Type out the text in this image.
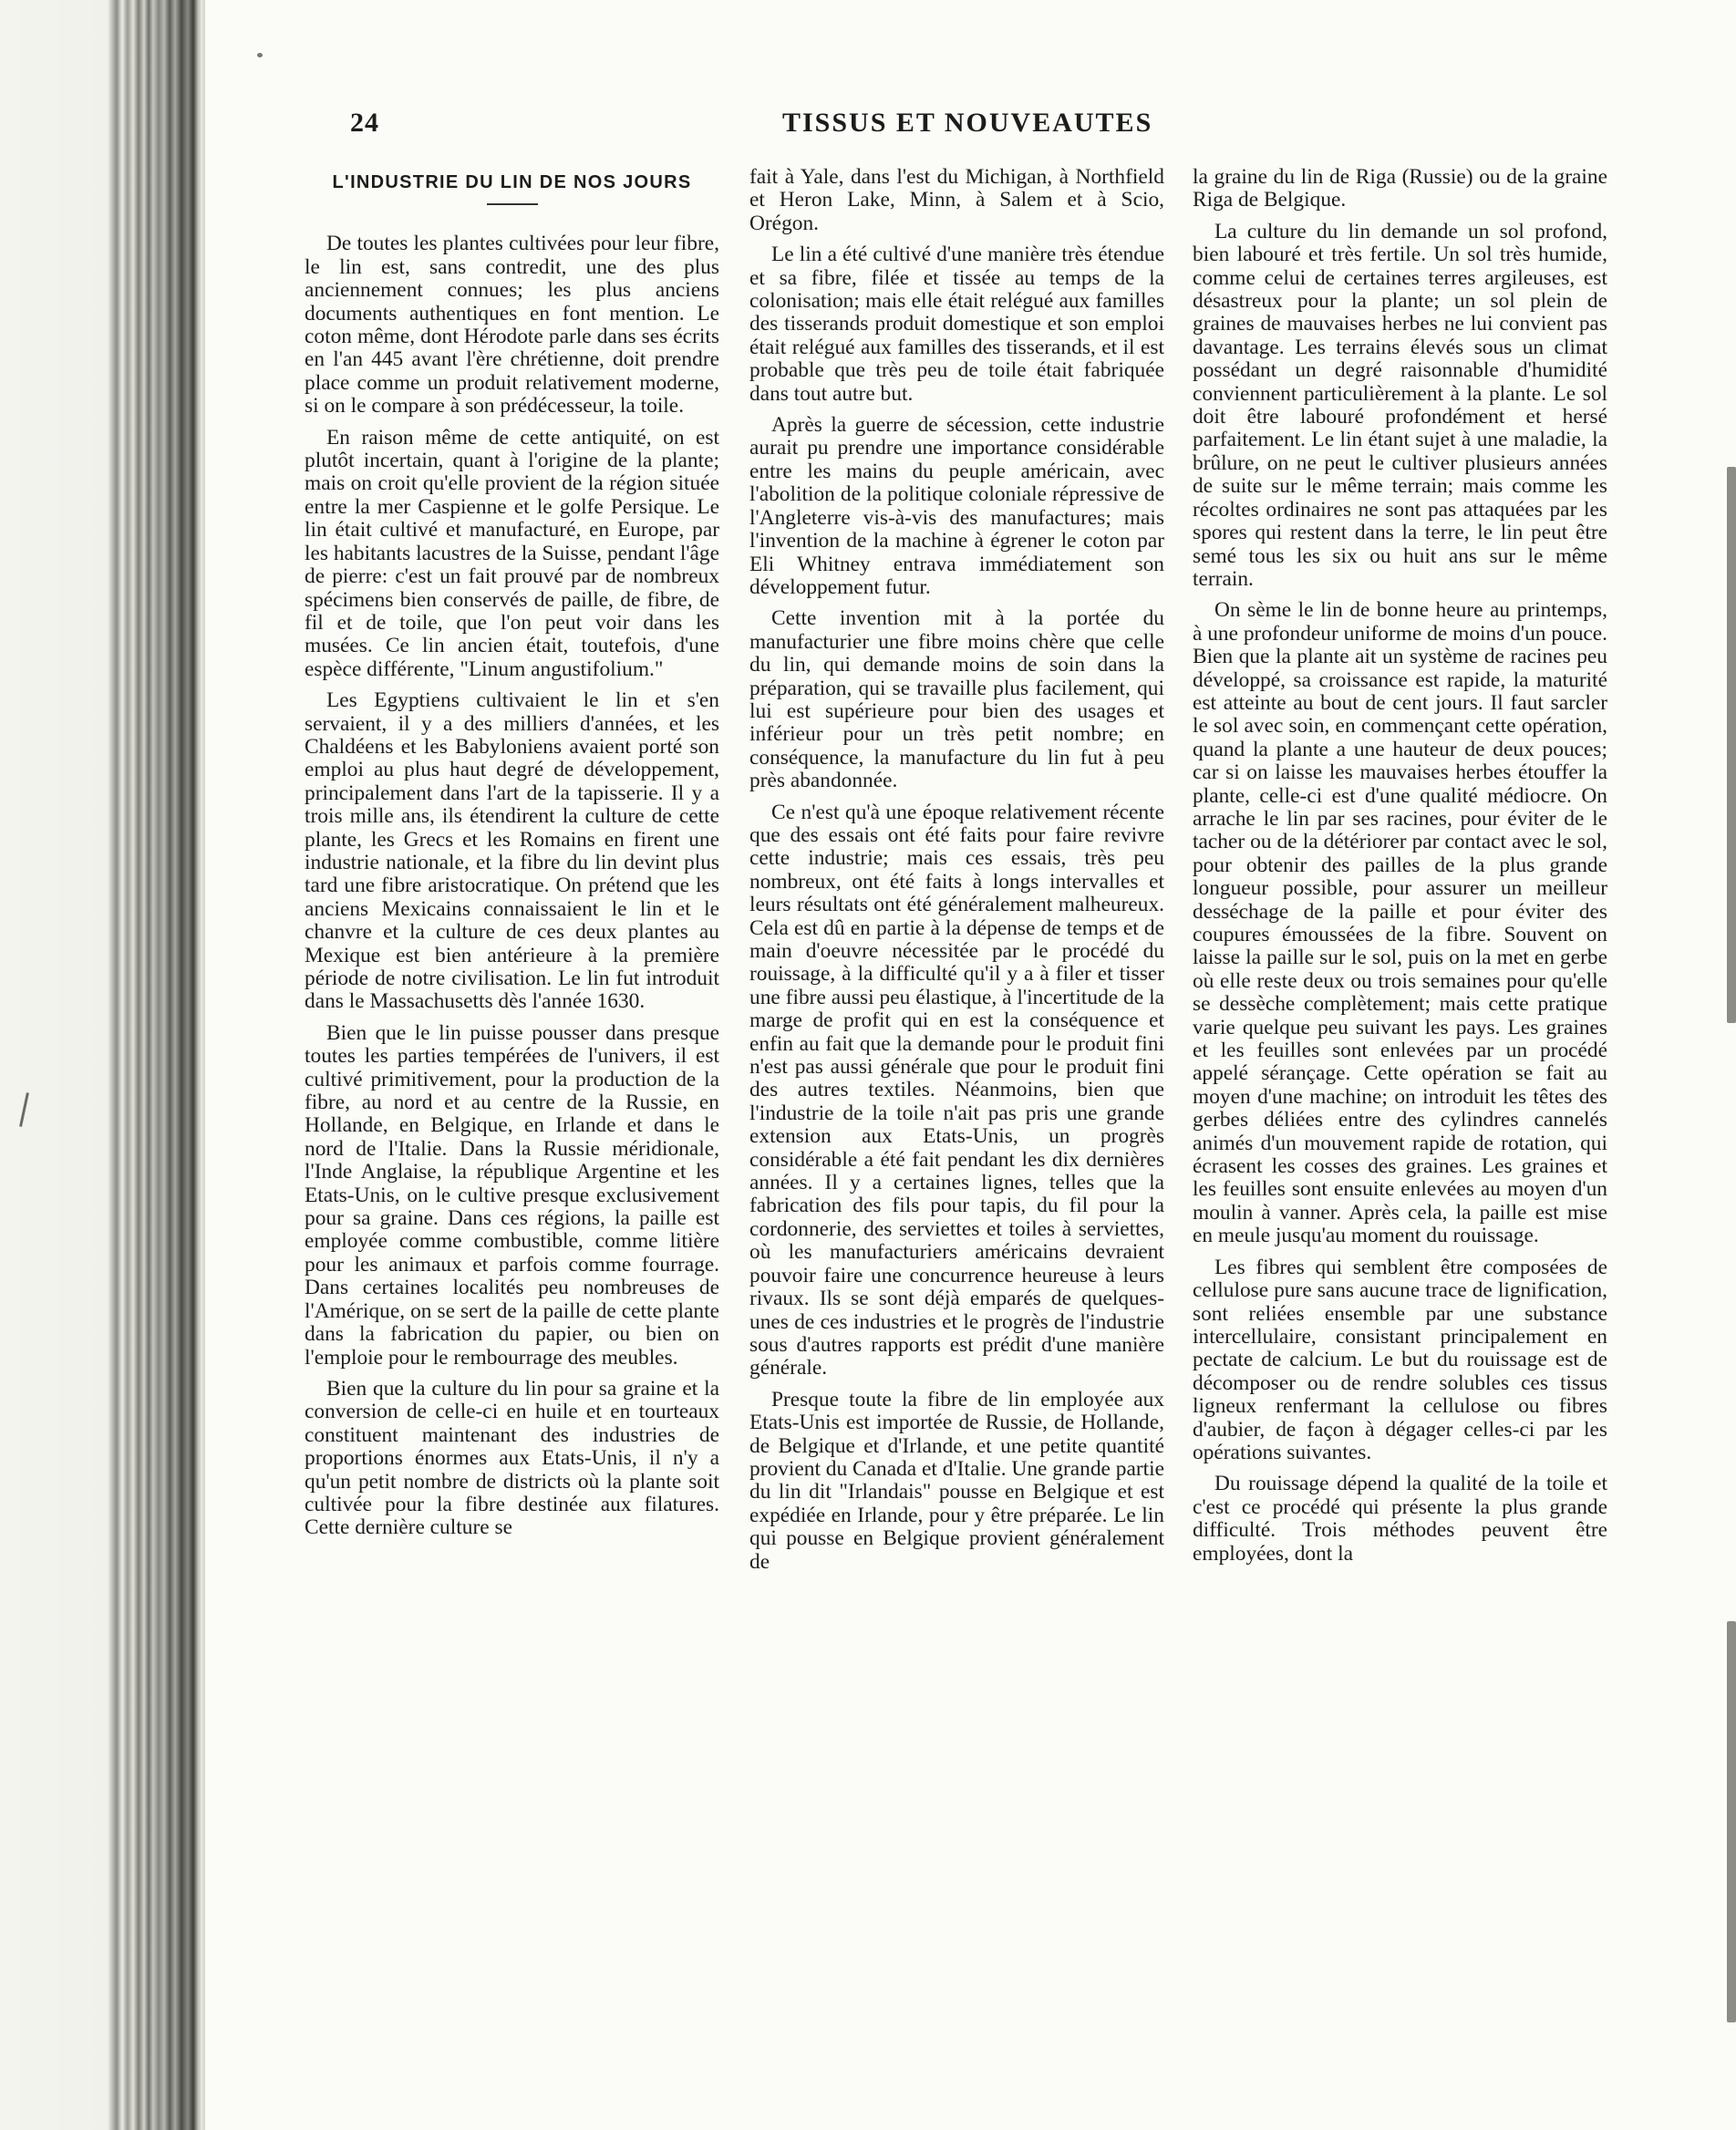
24	TISSUS ET NOUVEAUTES
L'INDUSTRIE DU LIN DE NOS JOURS

De toutes les plantes cultivées pour leur fibre, le lin est, sans contredit, une des plus anciennement connues; les plus anciens documents authentiques en font mention. Le coton même, dont Hérodote parle dans ses écrits en l'an 445 avant l'ère chrétienne, doit prendre place comme un produit relativement moderne, si on le compare à son prédécesseur, la toile.

En raison même de cette antiquité, on est plutôt incertain, quant à l'origine de la plante; mais on croit qu'elle provient de la région située entre la mer Caspienne et le golfe Persique. Le lin était cultivé et manufacturé, en Europe, par les habitants lacustres de la Suisse, pendant l'âge de pierre: c'est un fait prouvé par de nombreux spécimens bien conservés de paille, de fibre, de fil et de toile, que l'on peut voir dans les musées. Ce lin ancien était, toutefois, d'une espèce différente, "Linum angustifolium."

Les Egyptiens cultivaient le lin et s'en servaient, il y a des milliers d'années, et les Chaldéens et les Babyloniens avaient porté son emploi au plus haut degré de développement, principalement dans l'art de la tapisserie. Il y a trois mille ans, ils étendirent la culture de cette plante, les Grecs et les Romains en firent une industrie nationale, et la fibre du lin devint plus tard une fibre aristocratique. On prétend que les anciens Mexicains connaissaient le lin et le chanvre et la culture de ces deux plantes au Mexique est bien antérieure à la première période de notre civilisation. Le lin fut introduit dans le Massachusetts dès l'année 1630.

Bien que le lin puisse pousser dans presque toutes les parties tempérées de l'univers, il est cultivé primitivement, pour la production de la fibre, au nord et au centre de la Russie, en Hollande, en Belgique, en Irlande et dans le nord de l'Italie. Dans la Russie méridionale, l'Inde Anglaise, la république Argentine et les Etats-Unis, on le cultive presque exclusivement pour sa graine. Dans ces régions, la paille est employée comme combustible, comme litière pour les animaux et parfois comme fourrage. Dans certaines localités peu nombreuses de l'Amérique, on se sert de la paille de cette plante dans la fabrication du papier, ou bien on l'emploie pour le rembourrage des meubles.

Bien que la culture du lin pour sa graine et la conversion de celle-ci en huile et en tourteaux constituent maintenant des industries de proportions énormes aux Etats-Unis, il n'y a qu'un petit nombre de districts où la plante soit cultivée pour la fibre destinée aux filatures. Cette dernière culture se

fait à Yale, dans l'est du Michigan, à Northfield et Heron Lake, Minn, à Salem et à Scio, Orégon.

Le lin a été cultivé d'une manière très étendue et sa fibre, filée et tissée au temps de la colonisation; mais elle était relégué aux familles des tisserands produit domestique et son emploi était relégué aux familles des tisserands, et il est probable que très peu de toile était fabriquée dans tout autre but.

Après la guerre de sécession, cette industrie aurait pu prendre une importance considérable entre les mains du peuple américain, avec l'abolition de la politique coloniale répressive de l'Angleterre vis-à-vis des manufactures; mais l'invention de la machine à égrener le coton par Eli Whitney entrava immédiatement son développement futur.

Cette invention mit à la portée du manufacturier une fibre moins chère que celle du lin, qui demande moins de soin dans la préparation, qui se travaille plus facilement, qui lui est supérieure pour bien des usages et inférieur pour un très petit nombre; en conséquence, la manufacture du lin fut à peu près abandonnée.

Ce n'est qu'à une époque relativement récente que des essais ont été faits pour faire revivre cette industrie; mais ces essais, très peu nombreux, ont été faits à longs intervalles et leurs résultats ont été généralement malheureux. Cela est dû en partie à la dépense de temps et de main d'oeuvre nécessitée par le procédé du rouissage, à la difficulté qu'il y a à filer et tisser une fibre aussi peu élastique, à l'incertitude de la marge de profit qui en est la conséquence et enfin au fait que la demande pour le produit fini n'est pas aussi générale que pour le produit fini des autres textiles. Néanmoins, bien que l'industrie de la toile n'ait pas pris une grande extension aux Etats-Unis, un progrès considérable a été fait pendant les dix dernières années. Il y a certaines lignes, telles que la fabrication des fils pour tapis, du fil pour la cordonnerie, des serviettes et toiles à serviettes, où les manufacturiers américains devraient pouvoir faire une concurrence heureuse à leurs rivaux. Ils se sont déjà emparés de quelques-unes de ces industries et le progrès de l'industrie sous d'autres rapports est prédit d'une manière générale.

Presque toute la fibre de lin employée aux Etats-Unis est importée de Russie, de Hollande, de Belgique et d'Irlande, et une petite quantité provient du Canada et d'Italie. Une grande partie du lin dit "Irlandais" pousse en Belgique et est expédiée en Irlande, pour y être préparée. Le lin qui pousse en Belgique provient généralement de

la graine du lin de Riga (Russie) ou de la graine Riga de Belgique.

La culture du lin demande un sol profond, bien labouré et très fertile. Un sol très humide, comme celui de certaines terres argileuses, est désastreux pour la plante; un sol plein de graines de mauvaises herbes ne lui convient pas davantage. Les terrains élevés sous un climat possédant un degré raisonnable d'humidité conviennent particulièrement à la plante. Le sol doit être labouré profondément et hersé parfaitement. Le lin étant sujet à une maladie, la brûlure, on ne peut le cultiver plusieurs années de suite sur le même terrain; mais comme les récoltes ordinaires ne sont pas attaquées par les spores qui restent dans la terre, le lin peut être semé tous les six ou huit ans sur le même terrain.

On sème le lin de bonne heure au printemps, à une profondeur uniforme de moins d'un pouce. Bien que la plante ait un système de racines peu développé, sa croissance est rapide, la maturité est atteinte au bout de cent jours. Il faut sarcler le sol avec soin, en commençant cette opération, quand la plante a une hauteur de deux pouces; car si on laisse les mauvaises herbes étouffer la plante, celle-ci est d'une qualité médiocre. On arrache le lin par ses racines, pour éviter de le tacher ou de la détériorer par contact avec le sol, pour obtenir des pailles de la plus grande longueur possible, pour assurer un meilleur desséchage de la paille et pour éviter des coupures émoussées de la fibre. Souvent on laisse la paille sur le sol, puis on la met en gerbe où elle reste deux ou trois semaines pour qu'elle se dessèche complètement; mais cette pratique varie quelque peu suivant les pays. Les graines et les feuilles sont enlevées par un procédé appelé sérançage. Cette opération se fait au moyen d'une machine; on introduit les têtes des gerbes déliées entre des cylindres cannelés animés d'un mouvement rapide de rotation, qui écrasent les cosses des graines. Les graines et les feuilles sont ensuite enlevées au moyen d'un moulin à vanner. Après cela, la paille est mise en meule jusqu'au moment du rouissage.

Les fibres qui semblent être composées de cellulose pure sans aucune trace de lignification, sont reliées ensemble par une substance intercellulaire, consistant principalement en pectate de calcium. Le but du rouissage est de décomposer ou de rendre solubles ces tissus ligneux renfermant la cellulose ou fibres d'aubier, de façon à dégager celles-ci par les opérations suivantes.

Du rouissage dépend la qualité de la toile et c'est ce procédé qui présente la plus grande difficulté. Trois méthodes peuvent être employées, dont la
